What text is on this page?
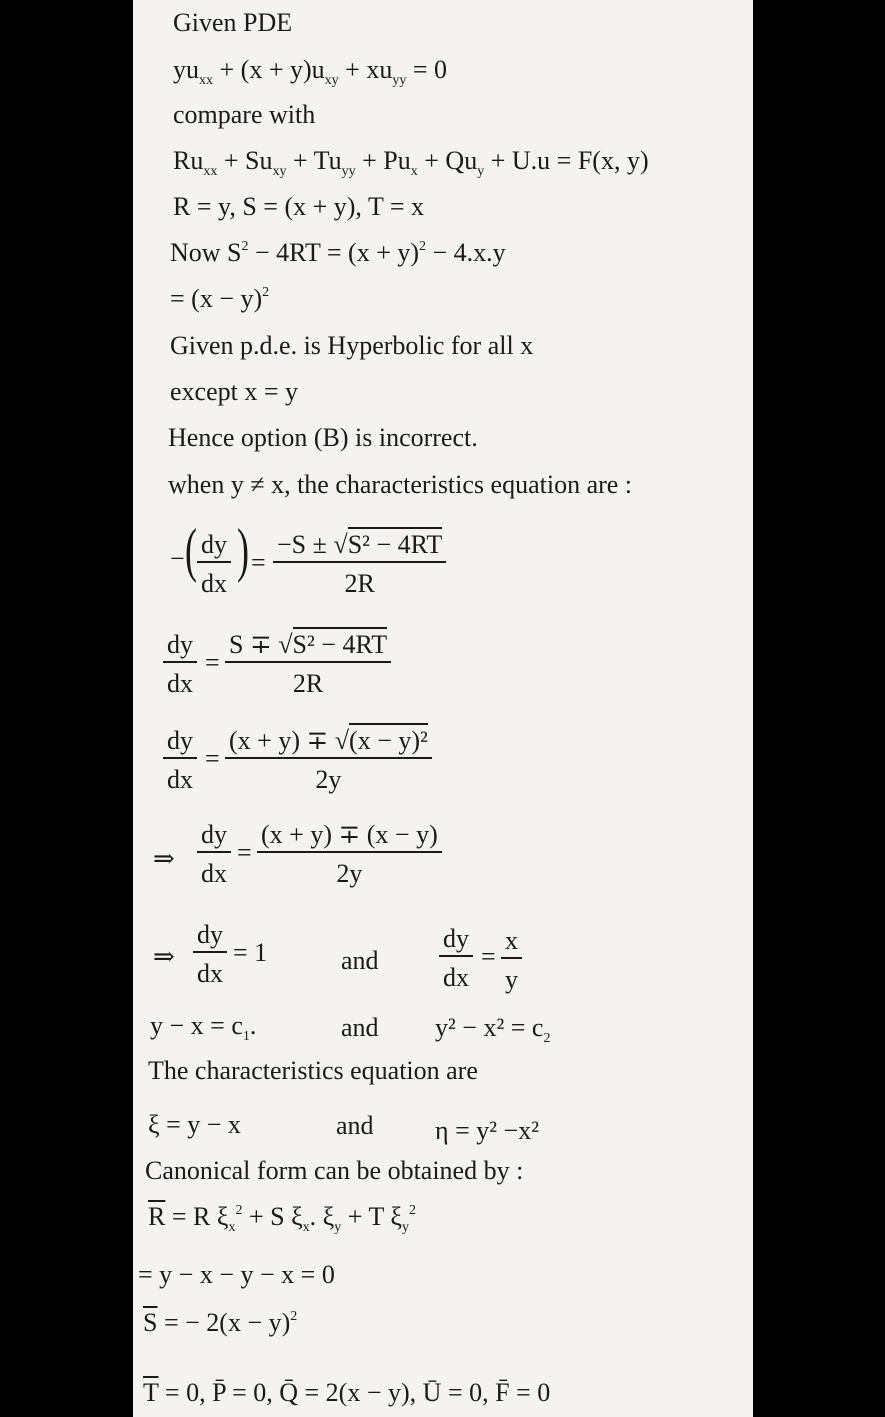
Given PDE
$yu_{xx} + (x + y)u_{xy} + xu_{yy} = 0$
compare with
$Ru_{xx} + Su_{xy} + Tu_{yy} + Pu_x + Qu_y + U.u = F(x$, y)
R = y, S = (x + y), T = x
Now $S^2 - 4RT = (x + y)^2 - 4.x.y$
= $(x - y)^2$
Given p.d.e. is Hyperbolic for all x
except x = y
Hence option (B) is incorrect.
when y ≠ x, the characteristics equation are :
− ( $\frac{dy}{dx}$ ) = $\frac{\text{−S ± √S² − 4RT}}{2R}$
$\frac{dy}{dx} = \frac{\text{S ∓ √S² − 4RT}}{2R}$
$\frac{dy}{dx} = \frac{\text{(x + y) ∓ √(x − y)²}}{2y}$
⇒ $\frac{dy}{dx} = \frac{(x + y) \mp (x - y)}{2y}$
⇒ $\frac{dy}{dx} = 1$	and $\frac{dy}{dx} = \frac{x}{y}$
$y - x = c_1$.	and $y^2 - x^2 = c_2$
The characteristics equation are
ξ = y − x	and η = y² −x²
Canonical form can be obtained by :
$\overline{R} = R$ $\xi_x^2 + S$ $\xi_x$. $\xi_y + T$ $\xi_y^2$
= y − x − y − x = 0
$\overline{S}$ = − $2(x - y)^2$
$\overline{T} = 0$, P̄ = 0, Q̄ = 2(x − y), Ū = 0, F̄ = 0
